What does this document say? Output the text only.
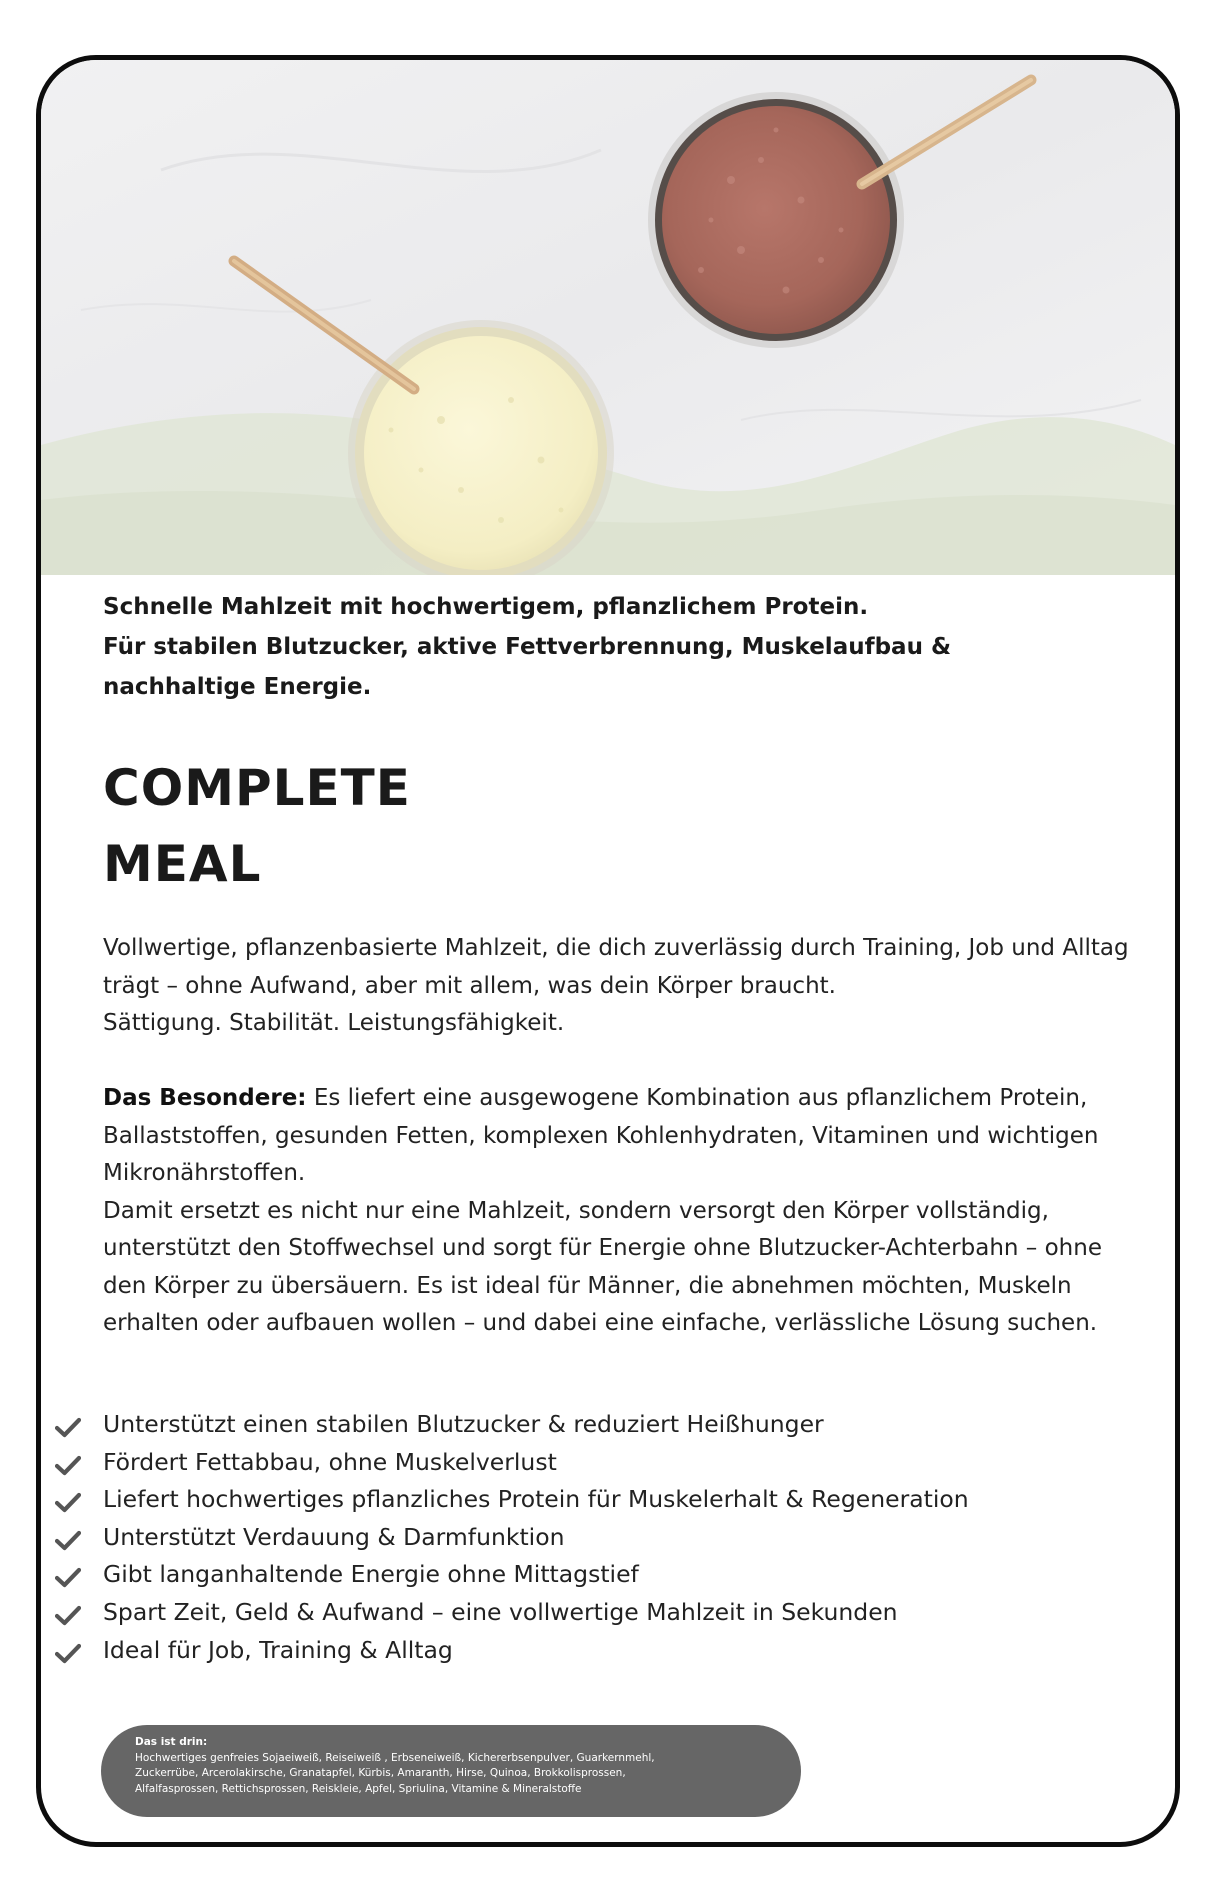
Schnelle Mahlzeit mit hochwertigem, pflanzlichem Protein.
Für stabilen Blutzucker, aktive Fettverbrennung, Muskelaufbau &
nachhaltige Energie.
COMPLETE
MEAL

Vollwertige, pflanzenbasierte Mahlzeit, die dich zuverlässig durch Training, Job und Alltag trägt – ohne Aufwand, aber mit allem, was dein Körper braucht.

Sättigung. Stabilität. Leistungsfähigkeit.

Das Besondere: Es liefert eine ausgewogene Kombination aus pflanzlichem Protein, Ballaststoffen, gesunden Fetten, komplexen Kohlenhydraten, Vitaminen und wichtigen Mikronährstoffen.

Damit ersetzt es nicht nur eine Mahlzeit, sondern versorgt den Körper vollständig, unterstützt den Stoffwechsel und sorgt für Energie ohne Blutzucker-Achterbahn – ohne den Körper zu übersäuern. Es ist ideal für Männer, die abnehmen möchten, Muskeln erhalten oder aufbauen wollen – und dabei eine einfache, verlässliche Lösung suchen.

Unterstützt einen stabilen Blutzucker & reduziert Heißhunger
Fördert Fettabbau, ohne Muskelverlust
Liefert hochwertiges pflanzliches Protein für Muskelerhalt & Regeneration
Unterstützt Verdauung & Darmfunktion
Gibt langanhaltende Energie ohne Mittagstief
Spart Zeit, Geld & Aufwand – eine vollwertige Mahlzeit in Sekunden
Ideal für Job, Training & Alltag
Das ist drin:
Hochwertiges genfreies Sojaeiweiß, Reiseiweiß , Erbseneiweiß, Kichererbsenpulver, Guarkernmehl,
Zuckerrübe, Arcerolakirsche, Granatapfel, Kürbis, Amaranth, Hirse, Quinoa, Brokkolisprossen,
Alfalfasprossen, Rettichsprossen, Reiskleie, Apfel, Spriulina, Vitamine & Mineralstoffe
